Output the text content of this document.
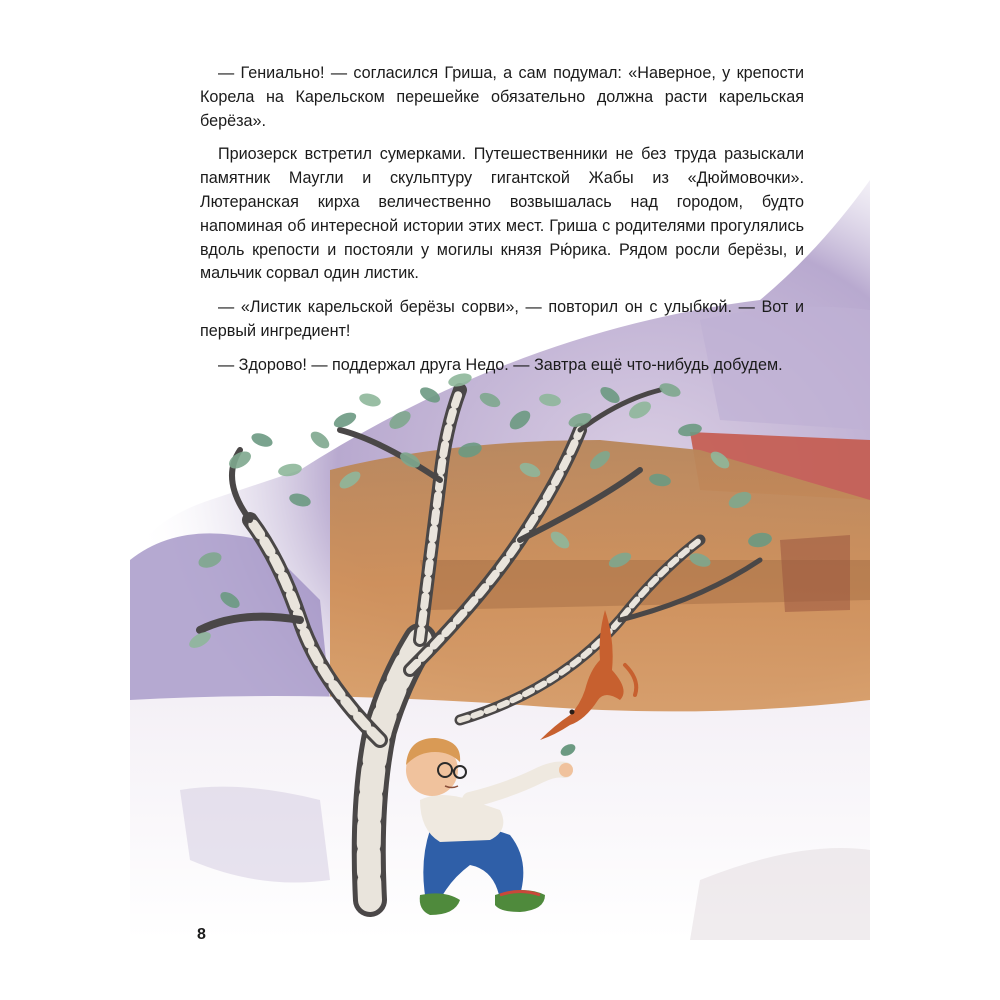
— Гениально! — согласился Гриша, а сам подумал: «Наверное, у крепости Корела на Карельском перешейке обязательно должна расти карельская берёза».

Приозерск встретил сумерками. Путешественники не без труда разыскали памятник Маугли и скульптуру гигантской Жабы из «Дюймовочки». Лютеранская кирха величественно возвышалась над городом, будто напоминая об интересной истории этих мест. Гриша с родителями прогулялись вдоль крепости и постояли у могилы князя Рю́рика. Рядом росли берёзы, и мальчик сорвал один листик.

— «Листик карельской берёзы сорви», — повторил он с улыбкой. — Вот и первый ингредиент!

— Здорово! — поддержал друга Недо. — Завтра ещё что-нибудь добудем.

8
